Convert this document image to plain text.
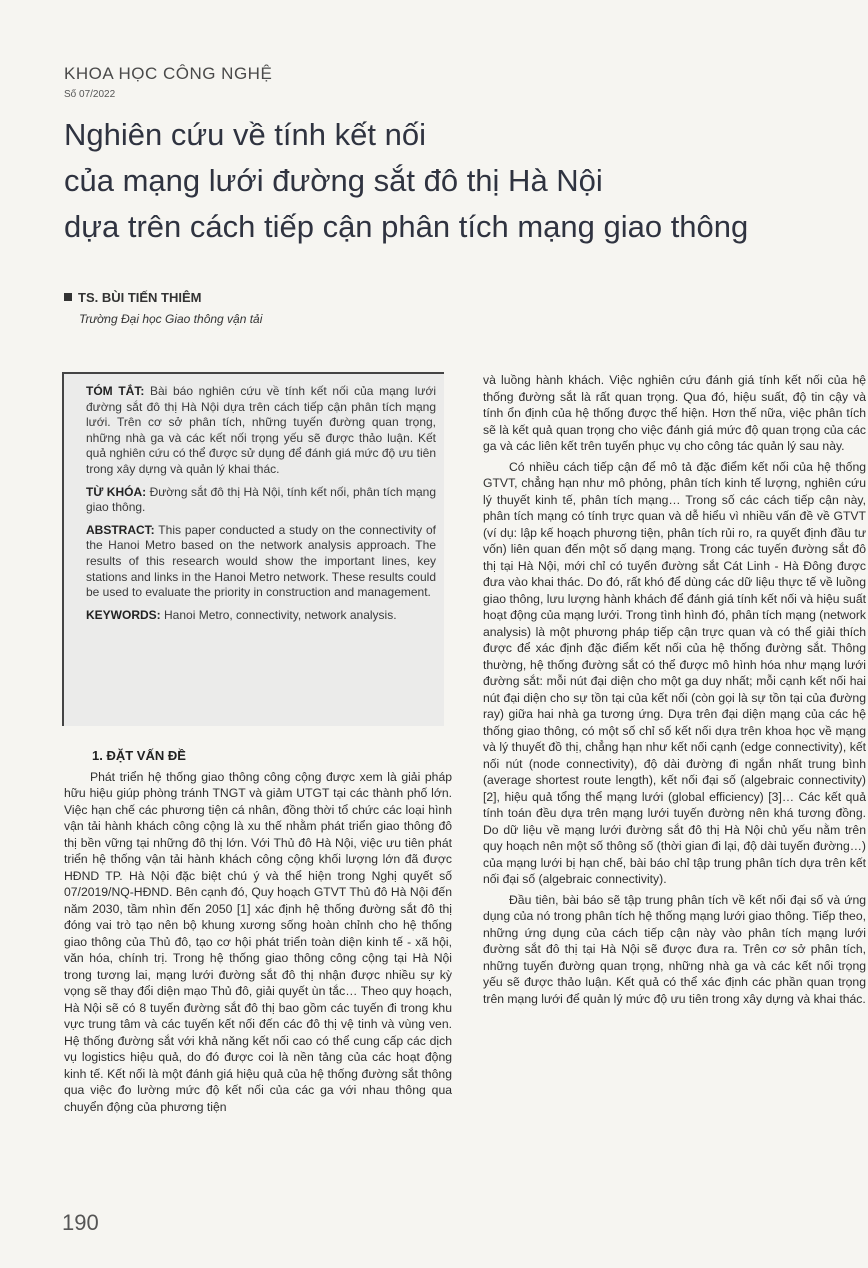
KHOA HỌC CÔNG NGHỆ
Số 07/2022
Nghiên cứu về tính kết nối
của mạng lưới đường sắt đô thị Hà Nội
dựa trên cách tiếp cận phân tích mạng giao thông
TS. BÙI TIẾN THIÊM
Trường Đại học Giao thông vận tải

TÓM TẮT: Bài báo nghiên cứu về tính kết nối của mạng lưới đường sắt đô thị Hà Nội dựa trên cách tiếp cận phân tích mạng lưới. Trên cơ sở phân tích, những tuyến đường quan trọng, những nhà ga và các kết nối trọng yếu sẽ được thảo luận. Kết quả nghiên cứu có thể được sử dụng để đánh giá mức độ ưu tiên trong xây dựng và quản lý khai thác.

TỪ KHÓA: Đường sắt đô thị Hà Nội, tính kết nối, phân tích mạng giao thông.

ABSTRACT: This paper conducted a study on the connectivity of the Hanoi Metro based on the network analysis approach. The results of this research would show the important lines, key stations and links in the Hanoi Metro network. These results could be used to evaluate the priority in construction and management.

KEYWORDS: Hanoi Metro, connectivity, network analysis.

1. ĐẶT VẤN ĐỀ

Phát triển hệ thống giao thông công cộng được xem là giải pháp hữu hiệu giúp phòng tránh TNGT và giảm UTGT tại các thành phố lớn. Việc hạn chế các phương tiện cá nhân, đồng thời tổ chức các loại hình vận tải hành khách công cộng là xu thế nhằm phát triển giao thông đô thị bền vững tại những đô thị lớn. Với Thủ đô Hà Nội, việc ưu tiên phát triển hệ thống vận tải hành khách công cộng khối lượng lớn đã được HĐND TP. Hà Nội đặc biệt chú ý và thể hiện trong Nghị quyết số 07/2019/NQ-HĐND. Bên cạnh đó, Quy hoạch GTVT Thủ đô Hà Nội đến năm 2030, tầm nhìn đến 2050 [1] xác định hệ thống đường sắt đô thị đóng vai trò tạo nên bộ khung xương sống hoàn chỉnh cho hệ thống giao thông của Thủ đô, tạo cơ hội phát triển toàn diện kinh tế - xã hội, văn hóa, chính trị. Trong hệ thống giao thông công cộng tại Hà Nội trong tương lai, mạng lưới đường sắt đô thị nhận được nhiều sự kỳ vọng sẽ thay đổi diện mạo Thủ đô, giải quyết ùn tắc… Theo quy hoạch, Hà Nội sẽ có 8 tuyến đường sắt đô thị bao gồm các tuyến đi trong khu vực trung tâm và các tuyến kết nối đến các đô thị vệ tinh và vùng ven. Hệ thống đường sắt với khả năng kết nối cao có thể cung cấp các dịch vụ logistics hiệu quả, do đó được coi là nền tảng của các hoạt động kinh tế. Kết nối là một đánh giá hiệu quả của hệ thống đường sắt thông qua việc đo lường mức độ kết nối của các ga với nhau thông qua chuyển động của phương tiện

và luồng hành khách. Việc nghiên cứu đánh giá tính kết nối của hệ thống đường sắt là rất quan trọng. Qua đó, hiệu suất, độ tin cậy và tính ổn định của hệ thống được thể hiện. Hơn thế nữa, việc phân tích sẽ là kết quả quan trọng cho việc đánh giá mức độ quan trọng của các ga và các liên kết trên tuyến phục vụ cho công tác quản lý sau này.

Có nhiều cách tiếp cận để mô tả đặc điểm kết nối của hệ thống GTVT, chẳng hạn như mô phỏng, phân tích kinh tế lượng, nghiên cứu lý thuyết kinh tế, phân tích mạng… Trong số các cách tiếp cận này, phân tích mạng có tính trực quan và dễ hiểu vì nhiều vấn đề về GTVT (ví dụ: lập kế hoạch phương tiện, phân tích rủi ro, ra quyết định đầu tư vốn) liên quan đến một số dạng mạng. Trong các tuyến đường sắt đô thị tại Hà Nội, mới chỉ có tuyến đường sắt Cát Linh - Hà Đông được đưa vào khai thác. Do đó, rất khó để dùng các dữ liệu thực tế về luồng giao thông, lưu lượng hành khách để đánh giá tính kết nối và hiệu suất hoạt động của mạng lưới. Trong tình hình đó, phân tích mạng (network analysis) là một phương pháp tiếp cận trực quan và có thể giải thích được để xác định đặc điểm kết nối của hệ thống đường sắt. Thông thường, hệ thống đường sắt có thể được mô hình hóa như mạng lưới đường sắt: mỗi nút đại diện cho một ga duy nhất; mỗi cạnh kết nối hai nút đại diện cho sự tồn tại của kết nối (còn gọi là sự tồn tại của đường ray) giữa hai nhà ga tương ứng. Dựa trên đại diện mạng của các hệ thống giao thông, có một số chỉ số kết nối dựa trên khoa học về mạng và lý thuyết đồ thị, chẳng hạn như kết nối cạnh (edge connectivity), kết nối nút (node connectivity), độ dài đường đi ngắn nhất trung bình (average shortest route length), kết nối đại số (algebraic connectivity) [2], hiệu quả tổng thể mạng lưới (global efficiency) [3]… Các kết quả tính toán đều dựa trên mạng lưới tuyến đường nên khá tương đồng. Do dữ liệu về mạng lưới đường sắt đô thị Hà Nội chủ yếu nằm trên quy hoạch nên một số thông số (thời gian đi lại, độ dài tuyến đường…) của mạng lưới bị hạn chế, bài báo chỉ tập trung phân tích dựa trên kết nối đại số (algebraic connectivity).

Đầu tiên, bài báo sẽ tập trung phân tích về kết nối đại số và ứng dụng của nó trong phân tích hệ thống mạng lưới giao thông. Tiếp theo, những ứng dụng của cách tiếp cận này vào phân tích mạng lưới đường sắt đô thị tại Hà Nội sẽ được đưa ra. Trên cơ sở phân tích, những tuyến đường quan trọng, những nhà ga và các kết nối trọng yếu sẽ được thảo luận. Kết quả có thể xác định các phần quan trọng trên mạng lưới để quản lý mức độ ưu tiên trong xây dựng và khai thác.

190
